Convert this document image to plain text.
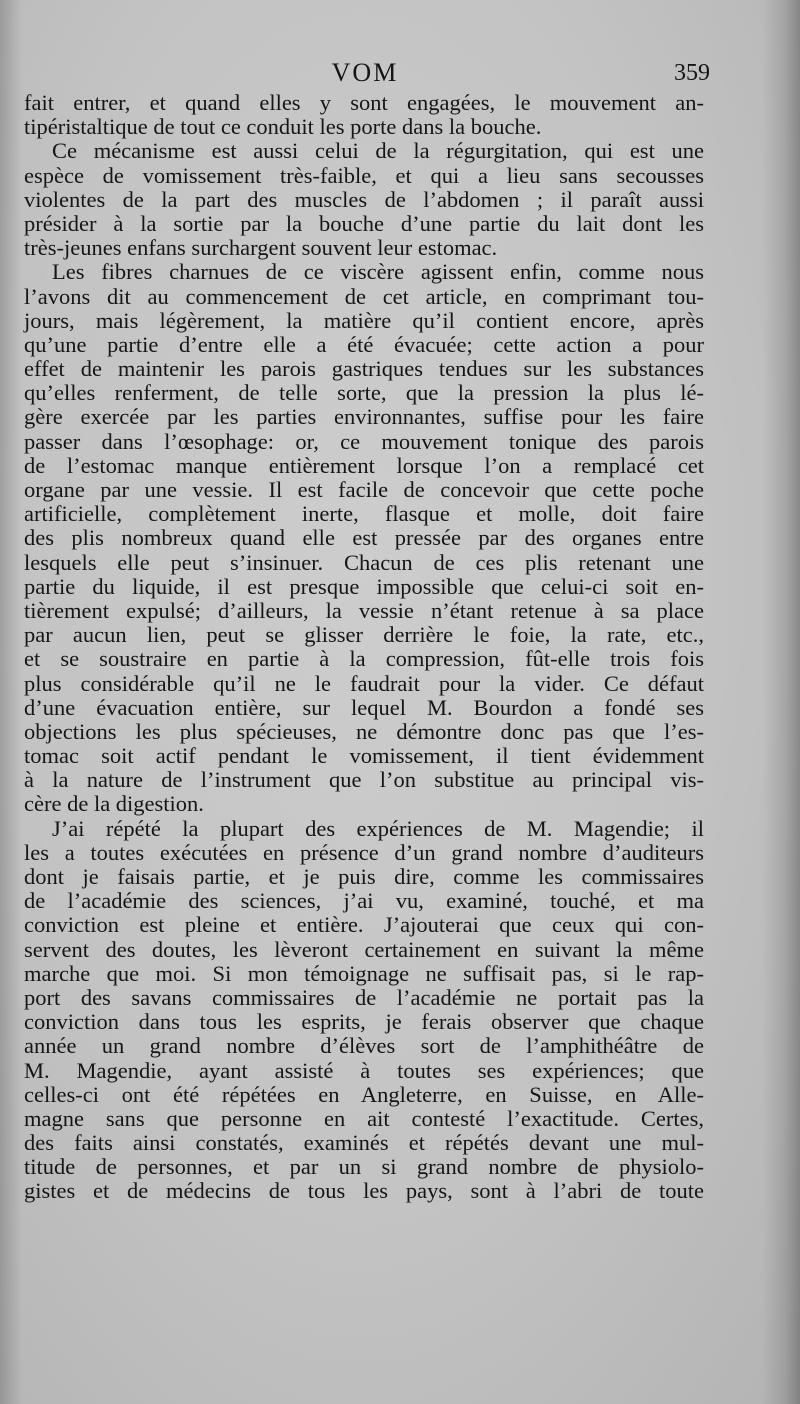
VOM	359
fait entrer, et quand elles y sont engagées, le mouvement an-
tipéristaltique de tout ce conduit les porte dans la bouche.
Ce mécanisme est aussi celui de la régurgitation, qui est une
espèce de vomissement très-faible, et qui a lieu sans secousses
violentes de la part des muscles de l’abdomen ; il paraît aussi
présider à la sortie par la bouche d’une partie du lait dont les
très-jeunes enfans surchargent souvent leur estomac.
Les fibres charnues de ce viscère agissent enfin, comme nous
l’avons dit au commencement de cet article, en comprimant tou-
jours, mais légèrement, la matière qu’il contient encore, après
qu’une partie d’entre elle a été évacuée; cette action a pour
effet de maintenir les parois gastriques tendues sur les substances
qu’elles renferment, de telle sorte, que la pression la plus lé-
gère exercée par les parties environnantes, suffise pour les faire
passer dans l’œsophage: or, ce mouvement tonique des parois
de l’estomac manque entièrement lorsque l’on a remplacé cet
organe par une vessie. Il est facile de concevoir que cette poche
artificielle, complètement inerte, flasque et molle, doit faire
des plis nombreux quand elle est pressée par des organes entre
lesquels elle peut s’insinuer. Chacun de ces plis retenant une
partie du liquide, il est presque impossible que celui-ci soit en-
tièrement expulsé; d’ailleurs, la vessie n’étant retenue à sa place
par aucun lien, peut se glisser derrière le foie, la rate, etc.,
et se soustraire en partie à la compression, fût-elle trois fois
plus considérable qu’il ne le faudrait pour la vider. Ce défaut
d’une évacuation entière, sur lequel M. Bourdon a fondé ses
objections les plus spécieuses, ne démontre donc pas que l’es-
tomac soit actif pendant le vomissement, il tient évidemment
à la nature de l’instrument que l’on substitue au principal vis-
cère de la digestion.
J’ai répété la plupart des expériences de M. Magendie; il
les a toutes exécutées en présence d’un grand nombre d’auditeurs
dont je faisais partie, et je puis dire, comme les commissaires
de l’académie des sciences, j’ai vu, examiné, touché, et ma
conviction est pleine et entière. J’ajouterai que ceux qui con-
servent des doutes, les lèveront certainement en suivant la même
marche que moi. Si mon témoignage ne suffisait pas, si le rap-
port des savans commissaires de l’académie ne portait pas la
conviction dans tous les esprits, je ferais observer que chaque
année un grand nombre d’élèves sort de l’amphithéâtre de
M. Magendie, ayant assisté à toutes ses expériences; que
celles-ci ont été répétées en Angleterre, en Suisse, en Alle-
magne sans que personne en ait contesté l’exactitude. Certes,
des faits ainsi constatés, examinés et répétés devant une mul-
titude de personnes, et par un si grand nombre de physiolo-
gistes et de médecins de tous les pays, sont à l’abri de toute
